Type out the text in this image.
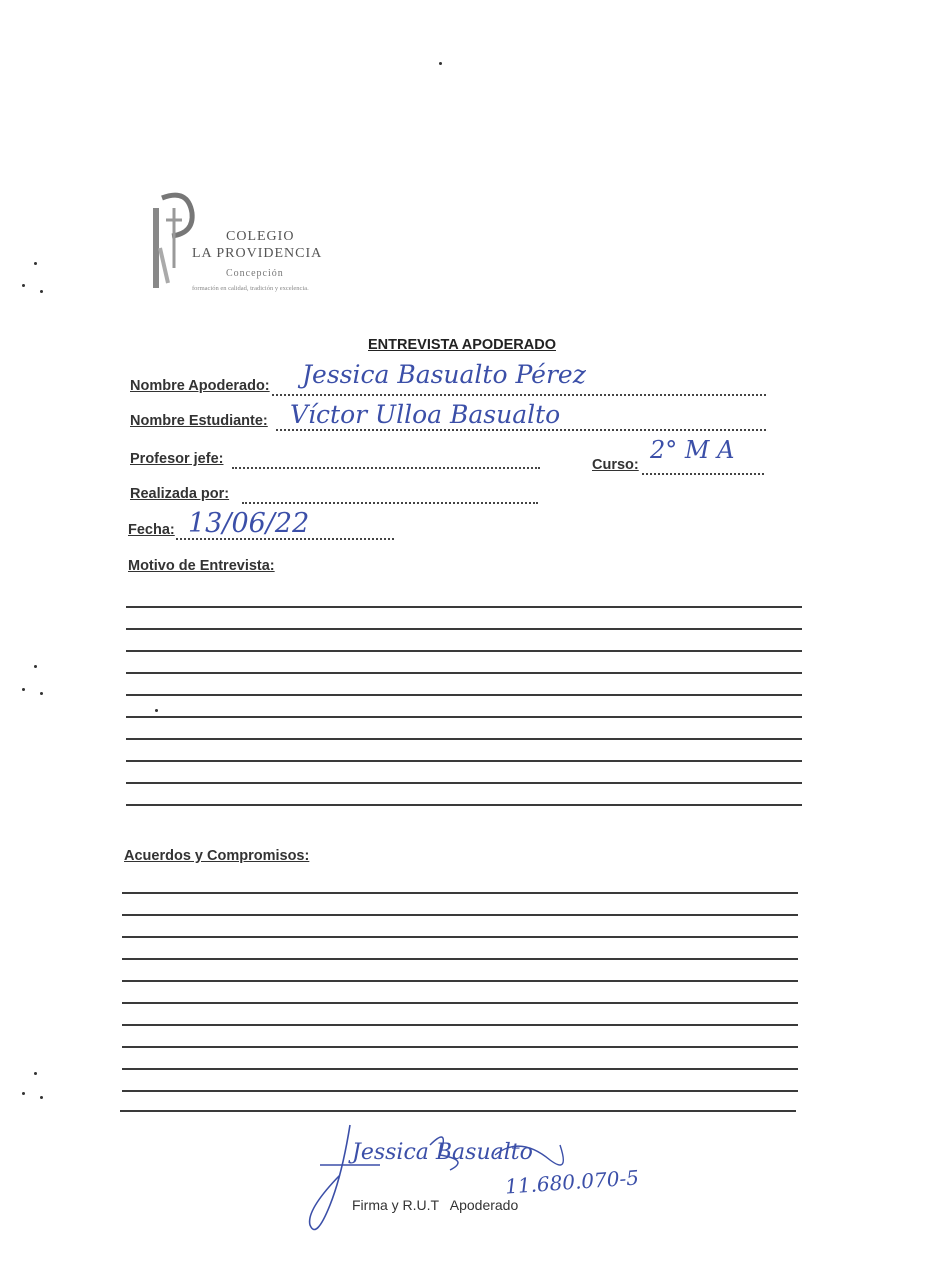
COLEGIO
LA PROVIDENCIA
Concepción
formación en calidad, tradición y excelencia.
ENTREVISTA APODERADO
Nombre Apoderado: Jessica Basualto Pérez
Nombre Estudiante: Víctor Ulloa Basualto
Profesor jefe:	Curso:
2° M A
Realizada por:
Fecha: 13/06/22
Motivo de Entrevista:
Acuerdos y Compromisos:
Jessica Basualto
11.680.070-5
Firma y R.U.T   Apoderado
